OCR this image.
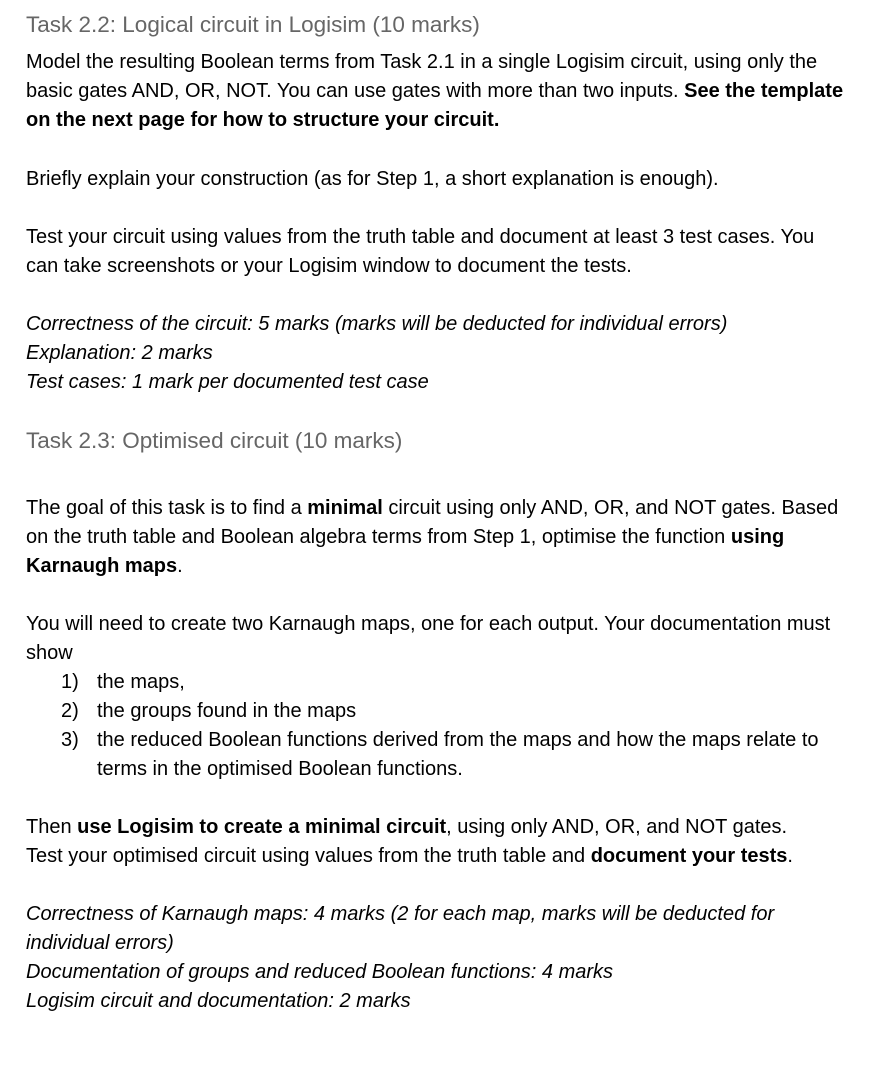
Task 2.2: Logical circuit in Logisim (10 marks)
Model the resulting Boolean terms from Task 2.1 in a single Logisim circuit, using only the
basic gates AND, OR, NOT. You can use gates with more than two inputs. See the template
on the next page for how to structure your circuit.
Briefly explain your construction (as for Step 1, a short explanation is enough).
Test your circuit using values from the truth table and document at least 3 test cases. You
can take screenshots or your Logisim window to document the tests.
Correctness of the circuit: 5 marks (marks will be deducted for individual errors)
Explanation: 2 marks
Test cases: 1 mark per documented test case
Task 2.3: Optimised circuit (10 marks)
The goal of this task is to find a minimal circuit using only AND, OR, and NOT gates. Based
on the truth table and Boolean algebra terms from Step 1, optimise the function using
Karnaugh maps.
You will need to create two Karnaugh maps, one for each output. Your documentation must
show
1) the maps,
2) the groups found in the maps
3) the reduced Boolean functions derived from the maps and how the maps relate to
terms in the optimised Boolean functions.
Then use Logisim to create a minimal circuit, using only AND, OR, and NOT gates.
Test your optimised circuit using values from the truth table and document your tests.
Correctness of Karnaugh maps: 4 marks (2 for each map, marks will be deducted for
individual errors)
Documentation of groups and reduced Boolean functions: 4 marks
Logisim circuit and documentation: 2 marks
